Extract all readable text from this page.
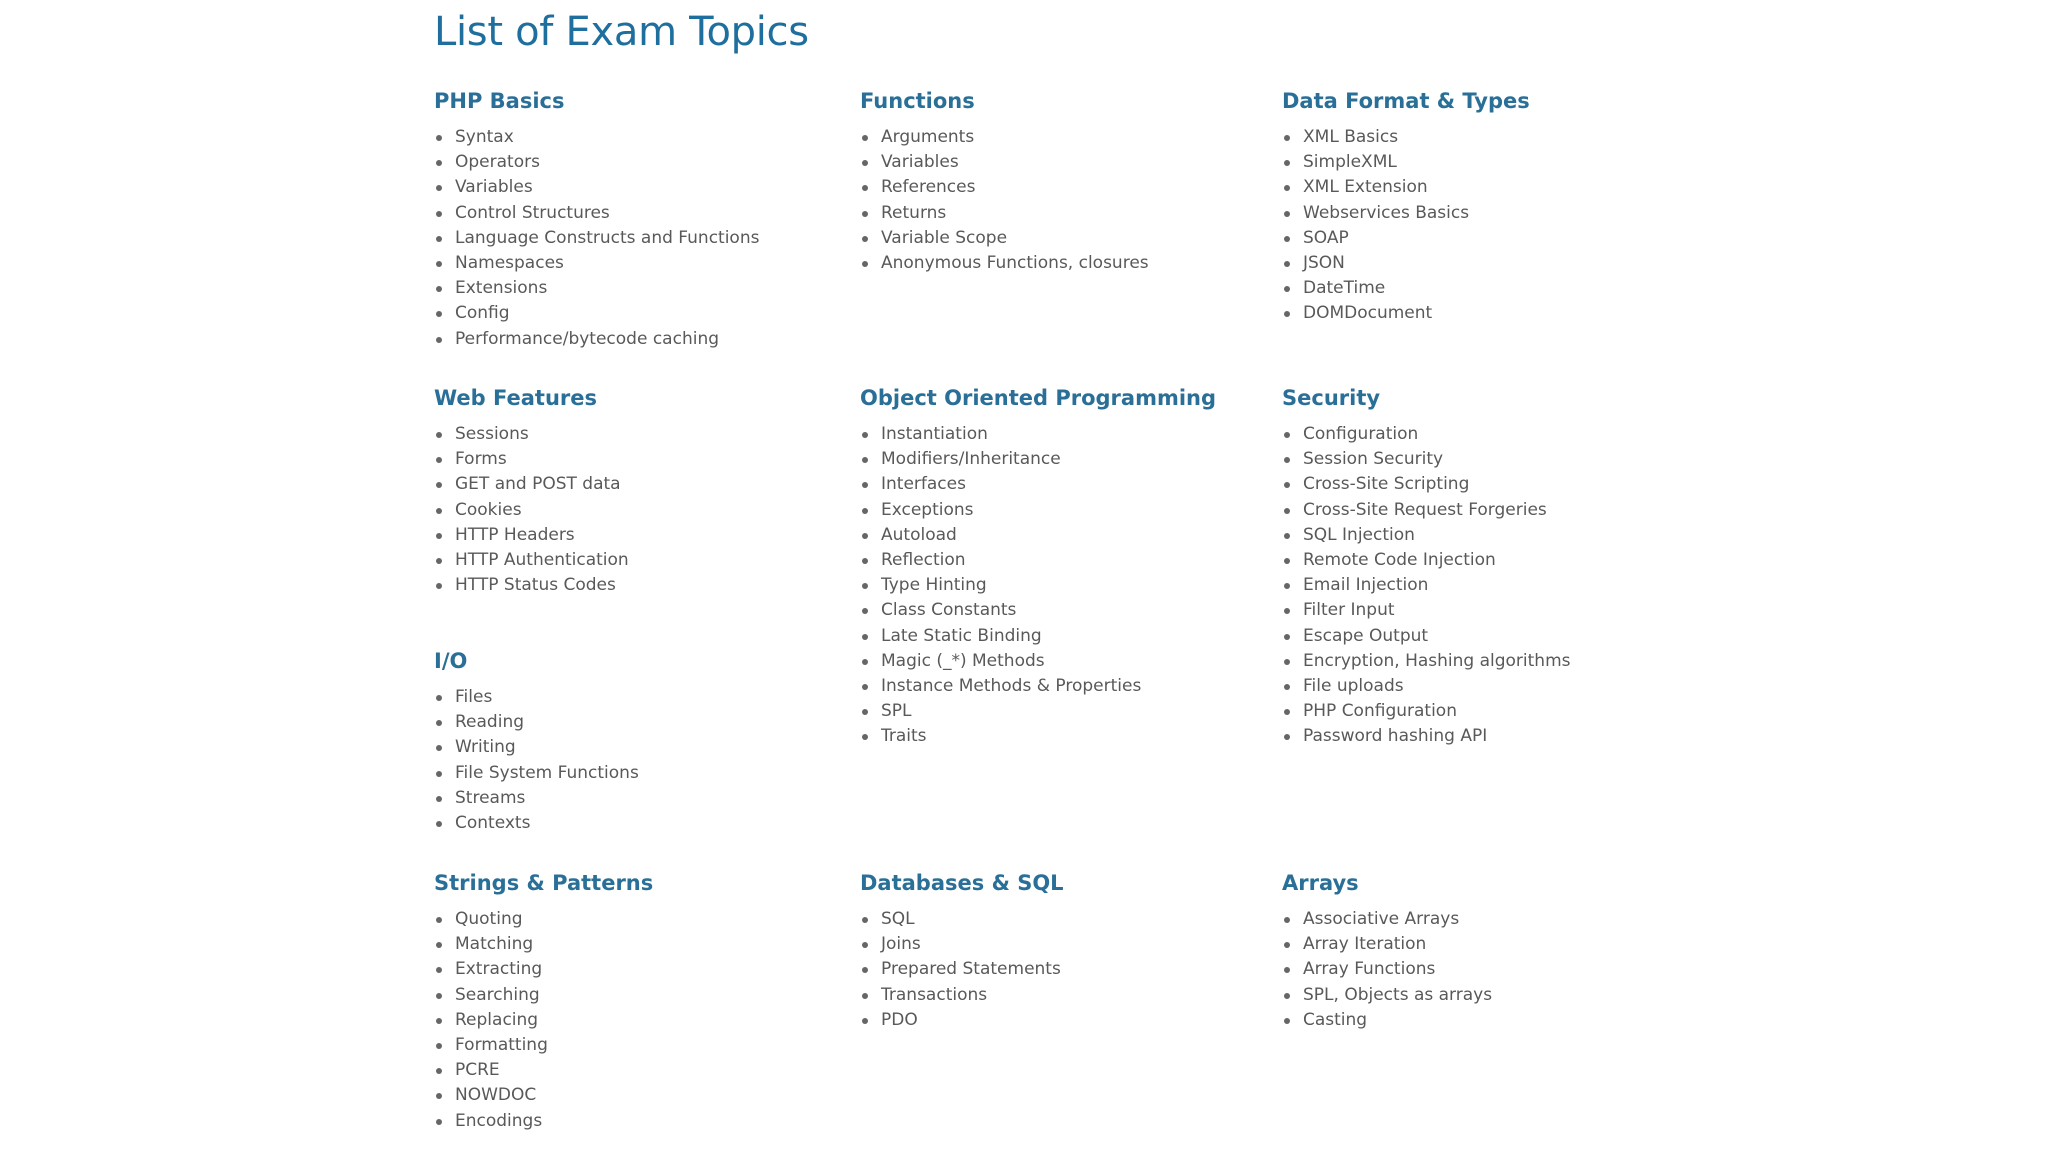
List of Exam Topics
PHP Basics
Syntax
Operators
Variables
Control Structures
Language Constructs and Functions
Namespaces
Extensions
Config
Performance/bytecode caching
Functions
Arguments
Variables
References
Returns
Variable Scope
Anonymous Functions, closures
Data Format & Types
XML Basics
SimpleXML
XML Extension
Webservices Basics
SOAP
JSON
DateTime
DOMDocument
Web Features
Sessions
Forms
GET and POST data
Cookies
HTTP Headers
HTTP Authentication
HTTP Status Codes
Object Oriented Programming
Instantiation
Modifiers/Inheritance
Interfaces
Exceptions
Autoload
Reflection
Type Hinting
Class Constants
Late Static Binding
Magic (_*) Methods
Instance Methods & Properties
SPL
Traits
Security
Configuration
Session Security
Cross-Site Scripting
Cross-Site Request Forgeries
SQL Injection
Remote Code Injection
Email Injection
Filter Input
Escape Output
Encryption, Hashing algorithms
File uploads
PHP Configuration
Password hashing API
I/O
Files
Reading
Writing
File System Functions
Streams
Contexts
Strings & Patterns
Quoting
Matching
Extracting
Searching
Replacing
Formatting
PCRE
NOWDOC
Encodings
Databases & SQL
SQL
Joins
Prepared Statements
Transactions
PDO
Arrays
Associative Arrays
Array Iteration
Array Functions
SPL, Objects as arrays
Casting
